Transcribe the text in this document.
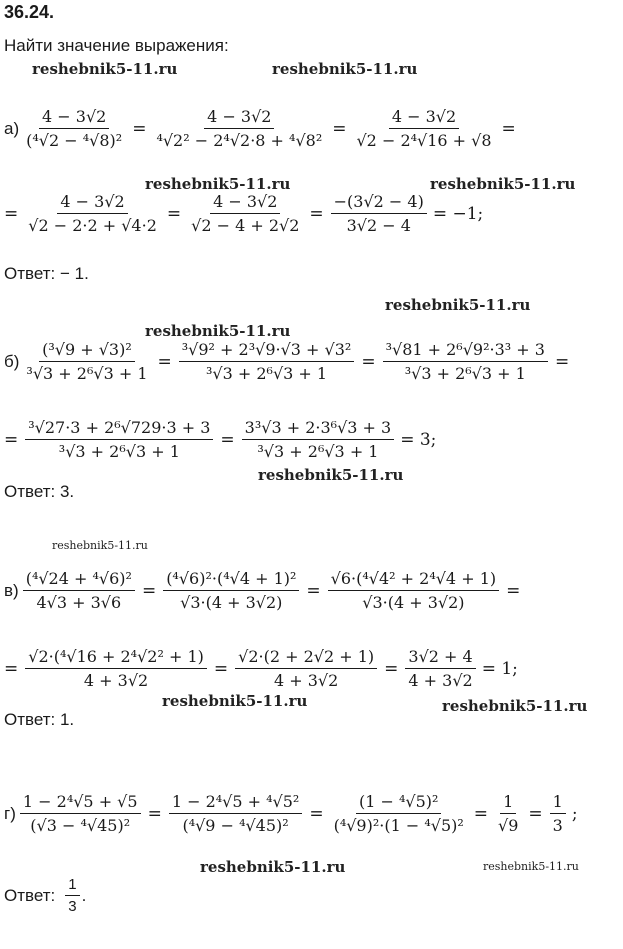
36.24.
Найти значение выражения:
reshebnik5-11.ru	reshebnik5-11.ru
reshebnik5-11.ru	reshebnik5-11.ru
reshebnik5-11.ru
reshebnik5-11.ru
reshebnik5-11.ru
reshebnik5-11.ru
reshebnik5-11.ru	reshebnik5-11.ru
reshebnik5-11.ru	reshebnik5-11.ru
$а) \frac{4 - 3√2}{\text{(⁴√2 − ⁴√8)²}} = \frac{4 - 3√2}{\text{⁴√2² − 2⁴√2·8 + ⁴√8²}} = \frac{4 - 3√2}{\text{√2 − 2⁴√16 + √8}}$ =
= $\frac{4 - 3√2}{√2 - 2\cdot 2 + √4\cdot 2} = \frac{4 - 3√2}{√2 - 4 + 2√2} = \frac{-(3√2 - 4)}{3√2 - 4} = -1$;
Ответ: − 1.
$б) \frac{\text{(³√9 + √3)²}}{\text{³√3 + 2⁶√3 + 1}} = \frac{\text{³√9² + 2³√9·√3 + √3²}}{\text{³√3 + 2⁶√3 + 1}} = \frac{\text{³√81 + 2⁶√9²·3³ + 3}}{\text{³√3 + 2⁶√3 + 1}}$ =
= $\frac{\text{³√27·3 + 2⁶√729·3 + 3}}{\text{³√3 + 2⁶√3 + 1}} = \frac{\text{3³√3 + 2·3⁶√3 + 3}}{\text{³√3 + 2⁶√3 + 1}} = 3$;
Ответ: 3.
$в) \frac{\text{(⁴√24 + ⁴√6)²}}{4√3 + 3√6} = \frac{\text{(⁴√6)²·(⁴√4 + 1)²}}{√3\cdot(4 + 3√2)} = \frac{\text{√6·(⁴√4² + 2⁴√4 + 1)}}{√3\cdot(4 + 3√2)}$ =
= $\frac{\text{√2·(⁴√16 + 2⁴√2² + 1)}}{4 + 3√2} = \frac{√2\cdot(2 + 2√2 + 1)}{4 + 3√2} = \frac{3√2 + 4}{4 + 3√2} = 1$;
Ответ: 1.
$г) \frac{\text{1 − 2⁴√5 + √5}}{\text{(√3 − ⁴√45)²}} = \frac{\text{1 − 2⁴√5 + ⁴√5²}}{\text{(⁴√9 − ⁴√45)²}} = \frac{\text{(1 − ⁴√5)²}}{\text{(⁴√9)²·(1 − ⁴√5)²}} = \frac{1}{√9} = \frac{1}{3}$ ;
Ответ: $\frac{1}{3}$ .
